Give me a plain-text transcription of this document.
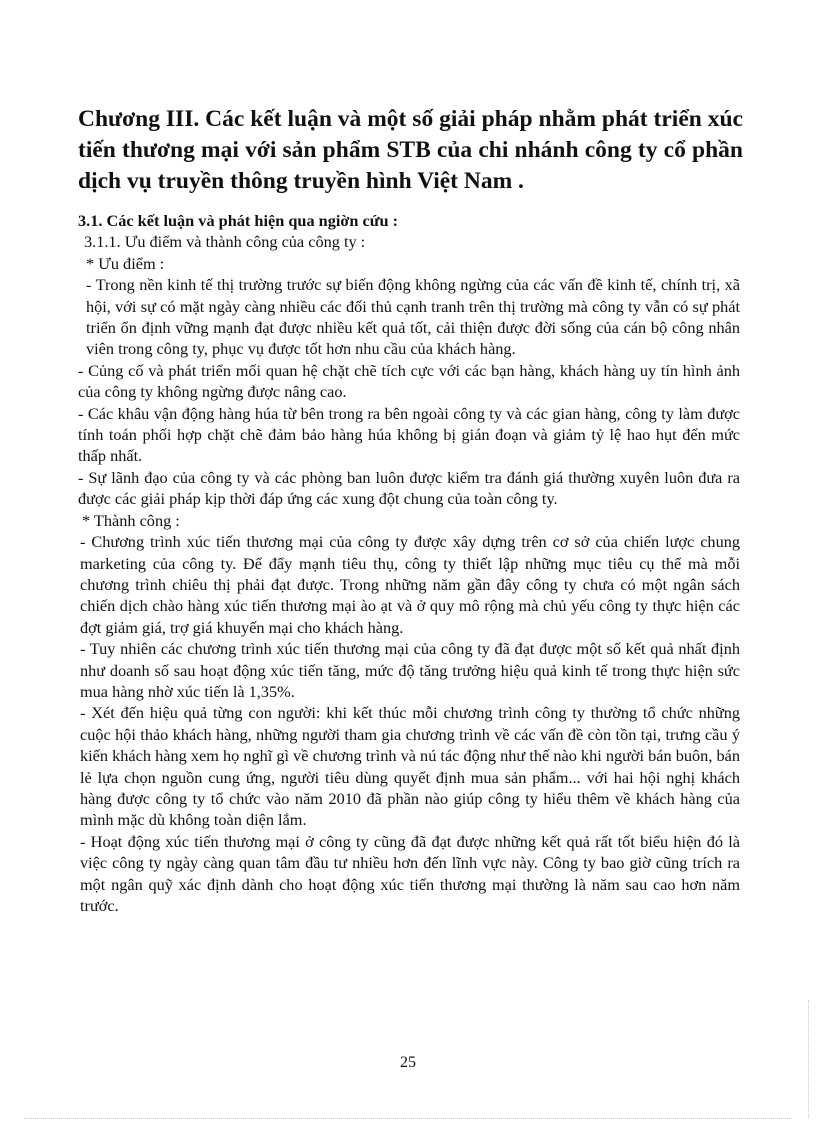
Chương III. Các kết luận và một số giải pháp nhằm phát triển xúc tiến thương mại với sản phẩm STB của chi nhánh công ty cổ phần dịch vụ truyền thông truyền hình Việt Nam .

3.1. Các kết luận và phát hiện qua ngiờn cứu :

3.1.1. Ưu điểm và thành công của công ty :

* Ưu điểm :

- Trong nền kinh tế thị trường trước sự biến động không ngừng của các vấn đề kinh tế, chính trị, xã hội, với sự có mặt ngày càng nhiều các đối thủ cạnh tranh trên thị trường mà công ty vẫn có sự phát triển ổn định vững mạnh đạt được nhiều kết quả tốt, cải thiện được đời sống của cán bộ công nhân viên trong công ty, phục vụ được tốt hơn nhu cầu của khách hàng.

- Củng cố và phát triển mối quan hệ chặt chẽ tích cực với các bạn hàng, khách hàng uy tín hình ảnh của công ty không ngừng được nâng cao.

- Các khâu vận động hàng húa từ bên trong ra bên ngoài công ty và các gian hàng, công ty làm được tính toán phối hợp chặt chẽ đảm bảo hàng húa không bị gián đoạn và giảm tỷ lệ hao hụt đến mức thấp nhất.

- Sự lãnh đạo của công ty và các phòng ban luôn được kiểm tra đánh giá thường xuyên luôn đưa ra được các giải pháp kịp thời đáp ứng các xung đột chung của toàn công ty.

* Thành công :

- Chương trình xúc tiến thương mại của công ty được xây dựng trên cơ sở của chiến lược chung marketing của công ty. Để đẩy mạnh tiêu thụ, công ty thiết lập những mục tiêu cụ thể mà mỗi chương trình chiêu thị phải đạt được. Trong những năm gần đây công ty chưa có một ngân sách chiến dịch chào hàng xúc tiến thương mại ào ạt và ở quy mô rộng mà chủ yếu công ty thực hiện các đợt giảm giá, trợ giá khuyến mại cho khách hàng.

- Tuy nhiên các chương trình xúc tiến thương mại của công ty đã đạt được một số kết quả nhất định như doanh số sau hoạt động xúc tiến tăng, mức độ tăng trưởng hiệu quả kinh tế trong thực hiện sức mua hàng nhờ xúc tiến là 1,35%.

- Xét đến hiệu quả từng con người: khi kết thúc mỗi chương trình công ty thường tổ chức những cuộc hội thảo khách hàng, những người tham gia chương trình về các vấn đề còn tồn tại, trưng cầu ý kiến khách hàng xem họ nghĩ gì về chương trình và nú tác động như thế nào khi người bán buôn, bán lẻ lựa chọn nguồn cung ứng, người tiêu dùng quyết định mua sản phẩm... với hai hội nghị khách hàng được công ty tổ chức vào năm 2010 đã phần nào giúp công ty hiểu thêm về khách hàng của mình mặc dù không toàn diện lắm.

- Hoạt động xúc tiến thương mại ở công ty cũng đã đạt được những kết quả rất tốt biểu hiện đó là việc công ty ngày càng quan tâm đầu tư nhiều hơn đến lĩnh vực này. Công ty bao giờ cũng trích ra một ngân quỹ xác định dành cho hoạt động xúc tiến thương mại thường là năm sau cao hơn năm trước.

25
